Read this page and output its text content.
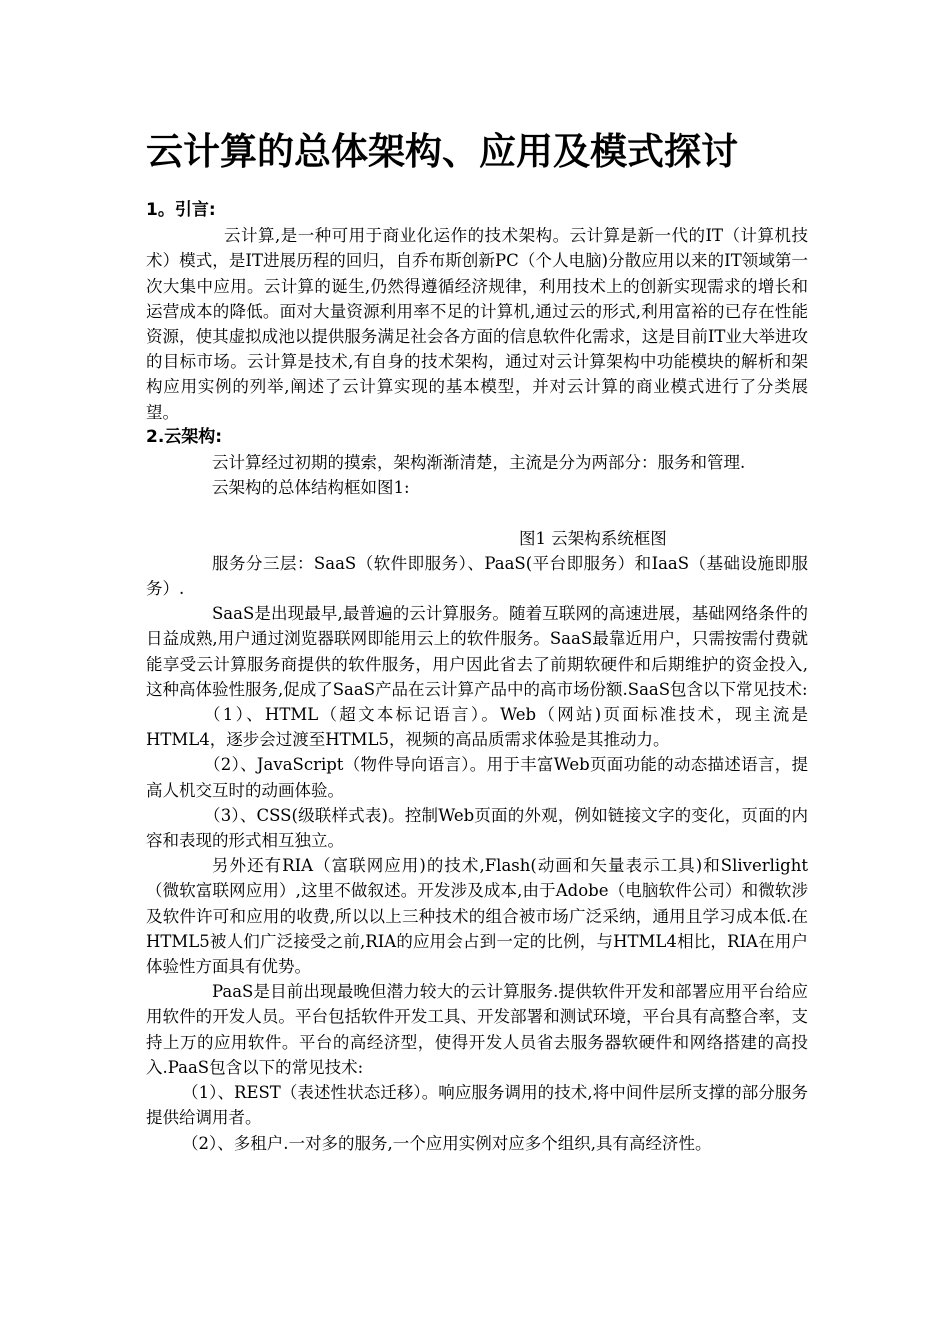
云计算的总体架构、应用及模式探讨
1。引言:

云计算,是一种可用于商业化运作的技术架构。云计算是新一代的IT（计算机技术）模式，是IT进展历程的回归，自乔布斯创新PC（个人电脑)分散应用以来的IT领域第一次大集中应用。云计算的诞生,仍然得遵循经济规律，利用技术上的创新实现需求的增长和运营成本的降低。面对大量资源利用率不足的计算机,通过云的形式,利用富裕的已存在性能资源，使其虚拟成池以提供服务满足社会各方面的信息软件化需求，这是目前IT业大举进攻的目标市场。云计算是技术,有自身的技术架构，通过对云计算架构中功能模块的解析和架构应用实例的列举,阐述了云计算实现的基本模型，并对云计算的商业模式进行了分类展望。

2.云架构:

云计算经过初期的摸索，架构渐渐清楚，主流是分为两部分：服务和管理.

云架构的总体结构框如图1:

图1 云架构系统框图

服务分三层：SaaS（软件即服务）、PaaS(平台即服务）和IaaS（基础设施即服务）.

SaaS是出现最早,最普遍的云计算服务。随着互联网的高速进展，基础网络条件的日益成熟,用户通过浏览器联网即能用云上的软件服务。SaaS最靠近用户，只需按需付费就能享受云计算服务商提供的软件服务，用户因此省去了前期软硬件和后期维护的资金投入,这种高体验性服务,促成了SaaS产品在云计算产品中的高市场份额.SaaS包含以下常见技术:

（1）、HTML（超文本标记语言）。Web（网站)页面标准技术，现主流是HTML4，逐步会过渡至HTML5，视频的高品质需求体验是其推动力。

（2）、JavaScript（物件导向语言）。用于丰富Web页面功能的动态描述语言，提高人机交互时的动画体验。

（3）、CSS(级联样式表)。控制Web页面的外观，例如链接文字的变化，页面的内容和表现的形式相互独立。

另外还有RIA（富联网应用)的技术,Flash(动画和矢量表示工具)和Sliverlight（微软富联网应用）,这里不做叙述。开发涉及成本,由于Adobe（电脑软件公司）和微软涉及软件许可和应用的收费,所以以上三种技术的组合被市场广泛采纳，通用且学习成本低.在HTML5被人们广泛接受之前,RIA的应用会占到一定的比例，与HTML4相比，RIA在用户体验性方面具有优势。

PaaS是目前出现最晚但潜力较大的云计算服务.提供软件开发和部署应用平台给应用软件的开发人员。平台包括软件开发工具、开发部署和测试环境，平台具有高整合率，支持上万的应用软件。平台的高经济型，使得开发人员省去服务器软硬件和网络搭建的高投入.PaaS包含以下的常见技术:

（1）、REST（表述性状态迁移）。响应服务调用的技术,将中间件层所支撑的部分服务提供给调用者。

（2）、多租户.一对多的服务,一个应用实例对应多个组织,具有高经济性。
